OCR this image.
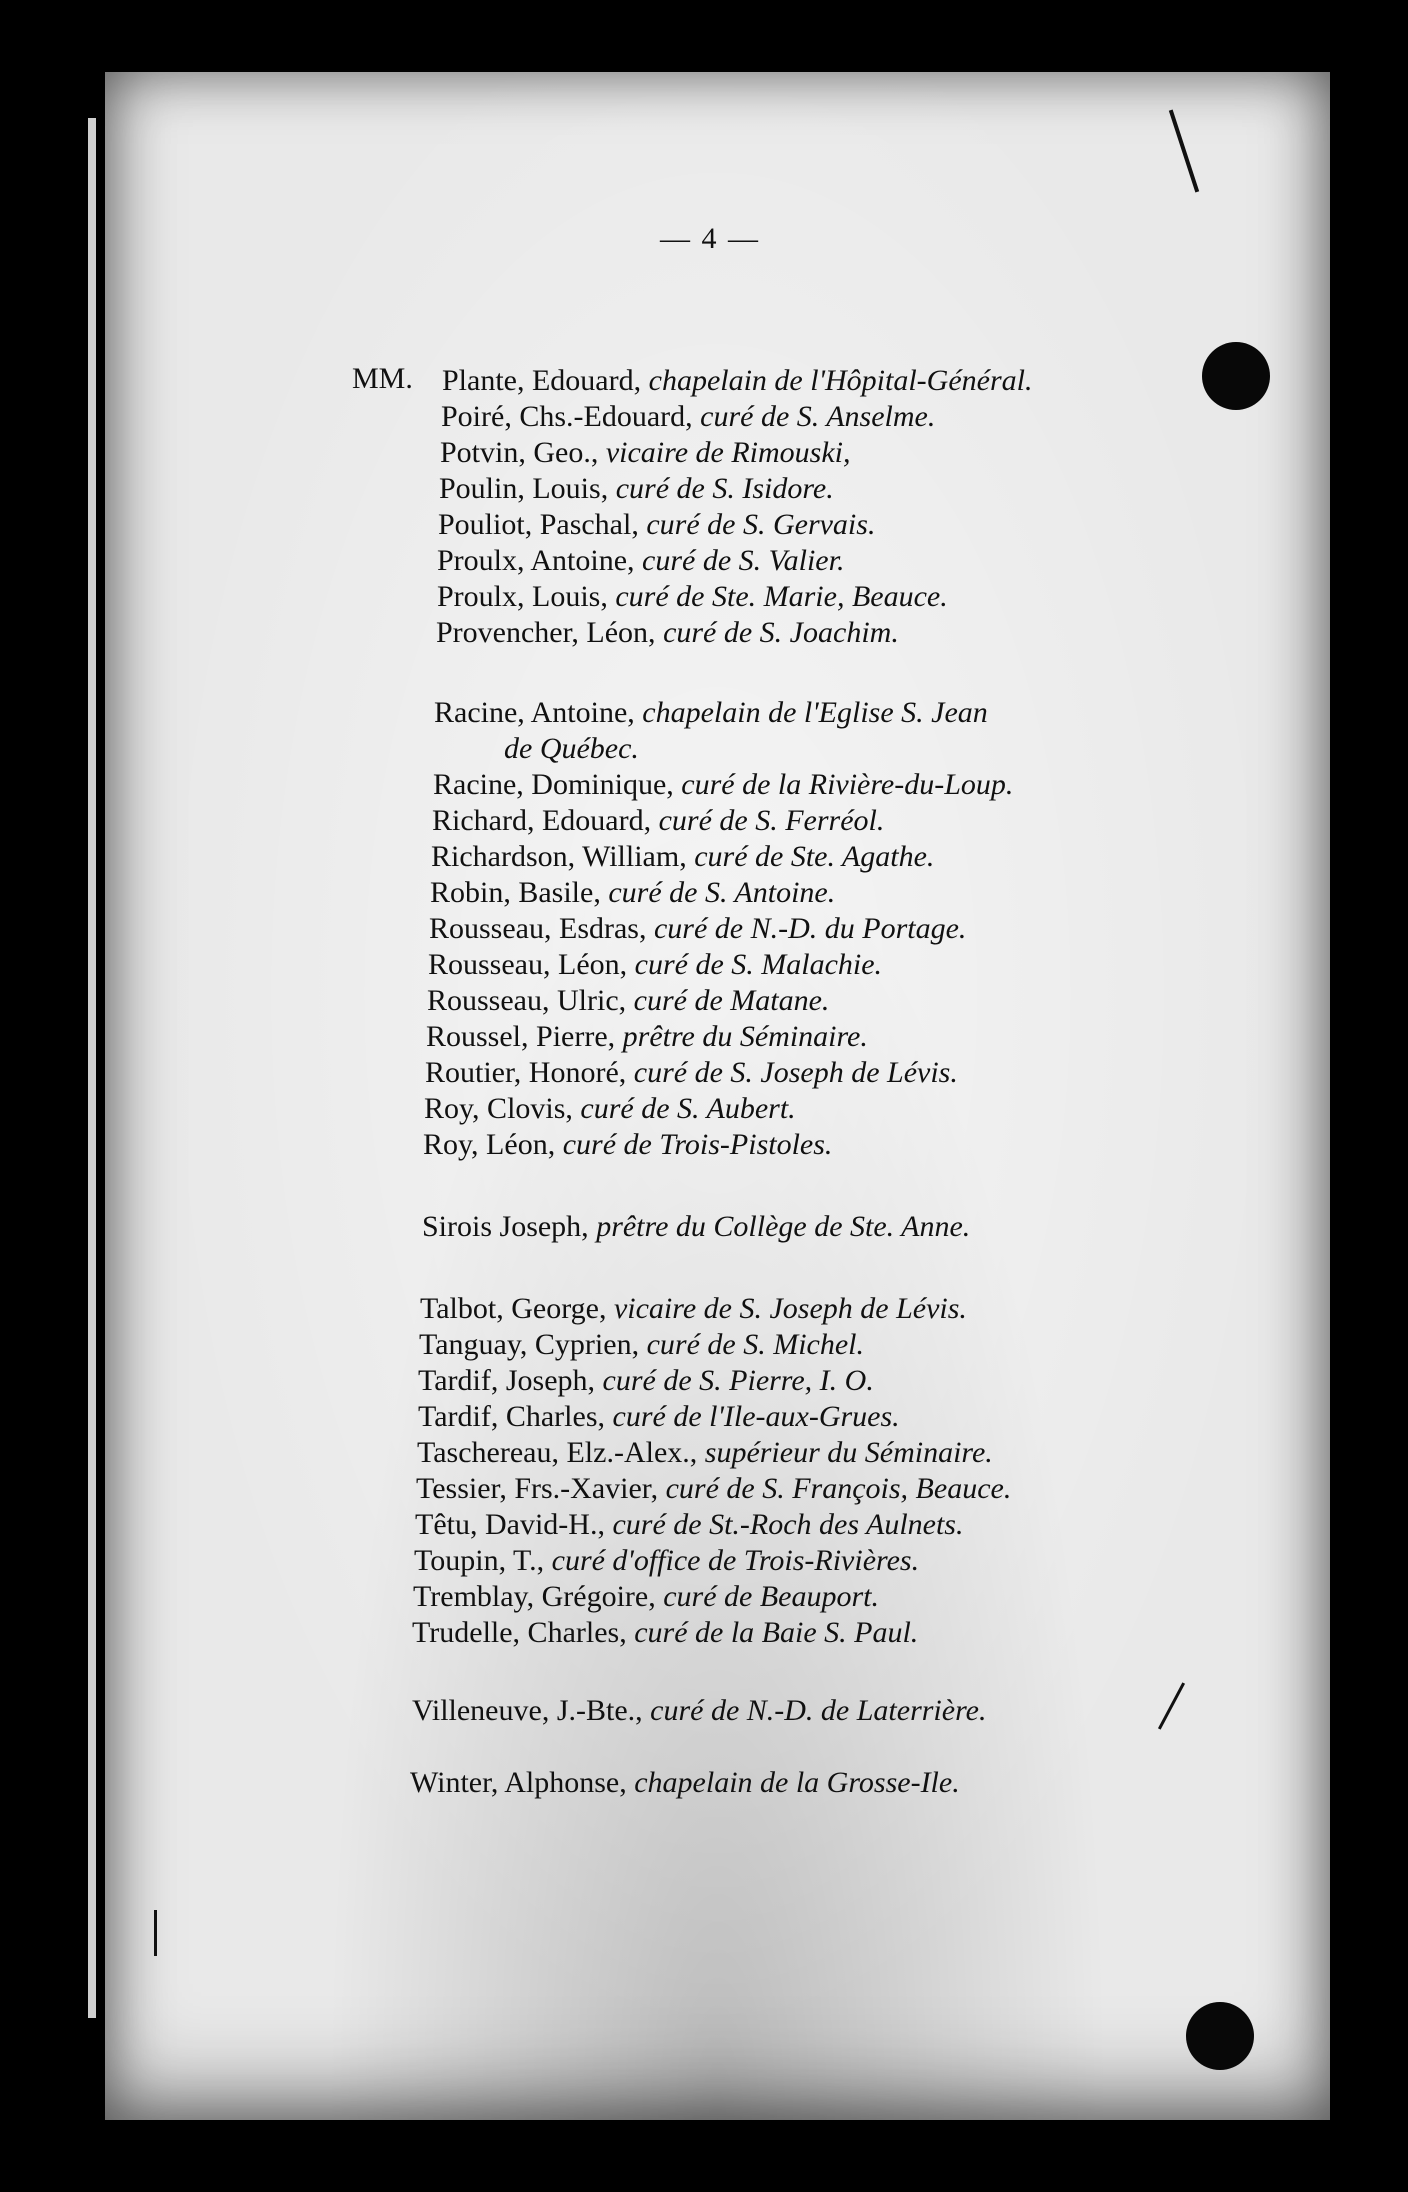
— 4 —
MM. Plante, Edouard, chapelain de l'Hôpital-Général.
Poiré, Chs.-Edouard, curé de S. Anselme.
Potvin, Geo., vicaire de Rimouski,
Poulin, Louis, curé de S. Isidore.
Pouliot, Paschal, curé de S. Gervais.
Proulx, Antoine, curé de S. Valier.
Proulx, Louis, curé de Ste. Marie, Beauce.
Provencher, Léon, curé de S. Joachim.
Racine, Antoine, chapelain de l'Eglise S. Jean
de Québec.
Racine, Dominique, curé de la Rivière-du-Loup.
Richard, Edouard, curé de S. Ferréol.
Richardson, William, curé de Ste. Agathe.
Robin, Basile, curé de S. Antoine.
Rousseau, Esdras, curé de N.-D. du Portage.
Rousseau, Léon, curé de S. Malachie.
Rousseau, Ulric, curé de Matane.
Roussel, Pierre, prêtre du Séminaire.
Routier, Honoré, curé de S. Joseph de Lévis.
Roy, Clovis, curé de S. Aubert.
Roy, Léon, curé de Trois-Pistoles.
Sirois Joseph, prêtre du Collège de Ste. Anne.
Talbot, George, vicaire de S. Joseph de Lévis.
Tanguay, Cyprien, curé de S. Michel.
Tardif, Joseph, curé de S. Pierre, I. O.
Tardif, Charles, curé de l'Ile-aux-Grues.
Taschereau, Elz.-Alex., supérieur du Séminaire.
Tessier, Frs.-Xavier, curé de S. François, Beauce.
Têtu, David-H., curé de St.-Roch des Aulnets.
Toupin, T., curé d'office de Trois-Rivières.
Tremblay, Grégoire, curé de Beauport.
Trudelle, Charles, curé de la Baie S. Paul.
Villeneuve, J.-Bte., curé de N.-D. de Laterrière.
Winter, Alphonse, chapelain de la Grosse-Ile.
